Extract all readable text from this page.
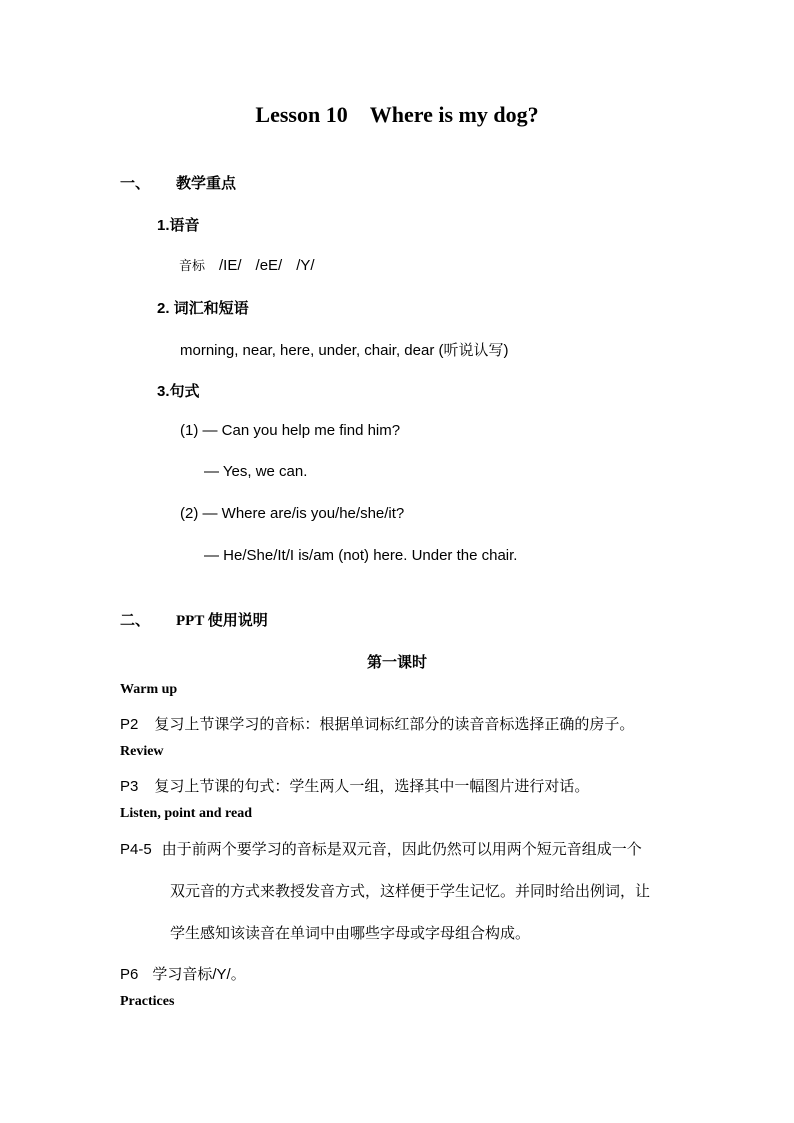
Lesson 10 Where is my dog?
一、 教学重点
1.语音
音标 /IE/ /eE/ /Y/
2. 词汇和短语
morning, near, here, under, chair, dear (听说认写)
3.句式
(1) — Can you help me find him?
— Yes, we can.
(2) — Where are/is you/he/she/it?
— He/She/It/I is/am (not) here. Under the chair.
二、 PPT 使用说明
第一课时
Warm up
P2 复习上节课学习的音标：根据单词标红部分的读音音标选择正确的房子。
Review
P3 复习上节课的句式：学生两人一组，选择其中一幅图片进行对话。
Listen, point and read
P4-5 由于前两个要学习的音标是双元音，因此仍然可以用两个短元音组成一个
双元音的方式来教授发音方式，这样便于学生记忆。并同时给出例词，让
学生感知该读音在单词中由哪些字母或字母组合构成。
P6 学习音标/Y/。
Practices
